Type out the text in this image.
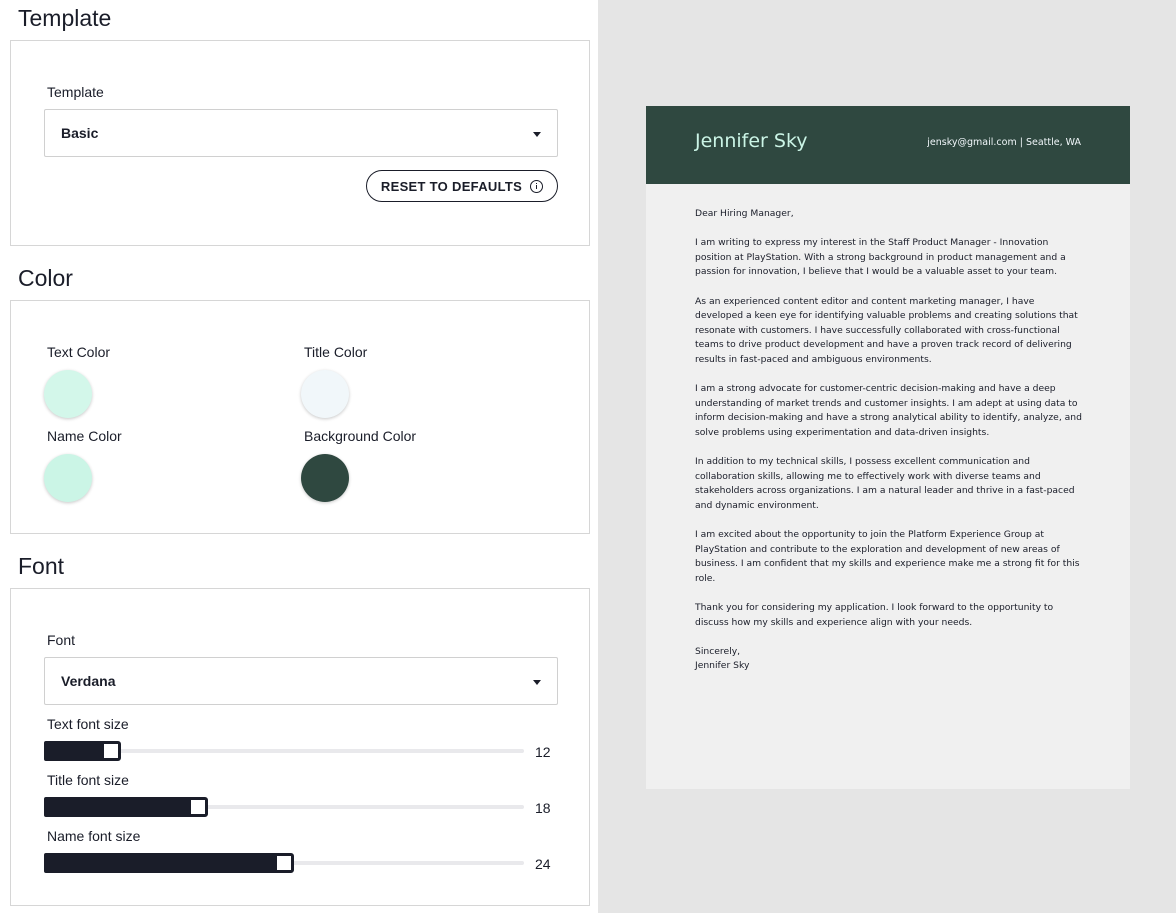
Template
Template
Basic
RESET TO DEFAULTS
Color
Text Color	Title Color
Name Color	Background Color
Font
Font
Verdana
Text font size
12
Title font size
18
Name font size
24
Jennifer Sky	jensky@gmail.com | Seattle, WA

Dear Hiring Manager,

I am writing to express my interest in the Staff Product Manager - Innovation position at PlayStation. With a strong background in product management and a passion for innovation, I believe that I would be a valuable asset to your team.

As an experienced content editor and content marketing manager, I have developed a keen eye for identifying valuable problems and creating solutions that resonate with customers. I have successfully collaborated with cross-functional teams to drive product development and have a proven track record of delivering results in fast-paced and ambiguous environments.

I am a strong advocate for customer-centric decision-making and have a deep understanding of market trends and customer insights. I am adept at using data to inform decision-making and have a strong analytical ability to identify, analyze, and solve problems using experimentation and data-driven insights.

In addition to my technical skills, I possess excellent communication and collaboration skills, allowing me to effectively work with diverse teams and stakeholders across organizations. I am a natural leader and thrive in a fast-paced and dynamic environment.

I am excited about the opportunity to join the Platform Experience Group at PlayStation and contribute to the exploration and development of new areas of business. I am confident that my skills and experience make me a strong fit for this role.

Thank you for considering my application. I look forward to the opportunity to discuss how my skills and experience align with your needs.

Sincerely,
Jennifer Sky
